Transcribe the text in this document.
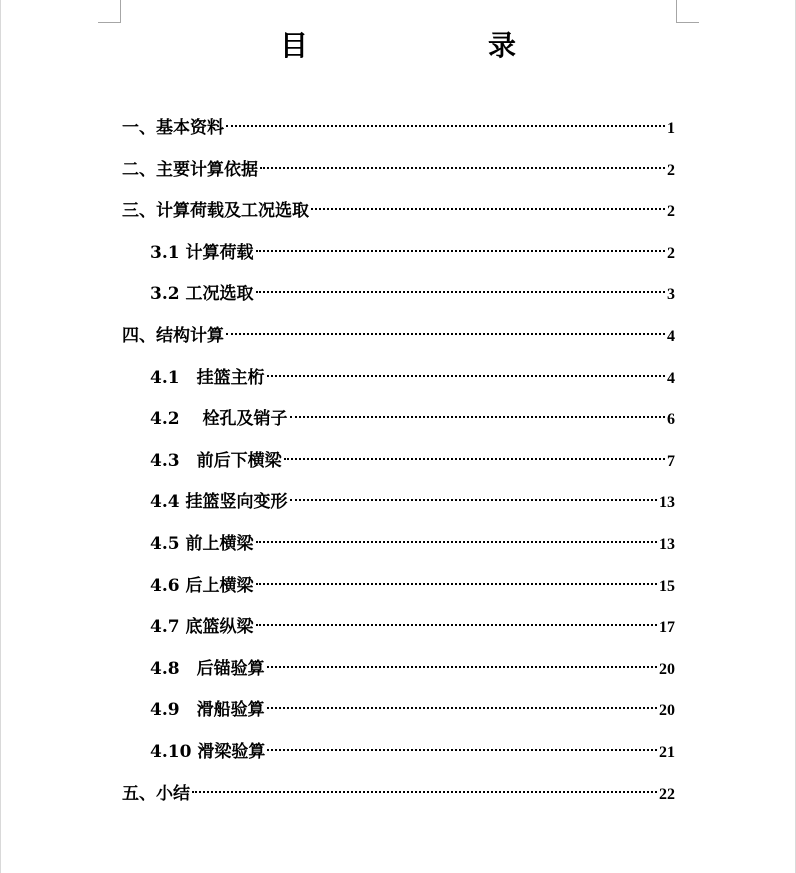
目　录
一、基本资料	1
二、主要计算依据	2
三、计算荷载及工况选取	2
3.1 计算荷载	2
3.2 工况选取	3
四、结构计算	4
4.1　挂篮主桁	4
4.2　 栓孔及销子	6
4.3　前后下横梁	7
4.4 挂篮竖向变形	13
4.5 前上横梁	13
4.6 后上横梁	15
4.7 底篮纵梁	17
4.8　后锚验算	20
4.9　滑船验算	20
4.10 滑梁验算	21
五、小结	22
